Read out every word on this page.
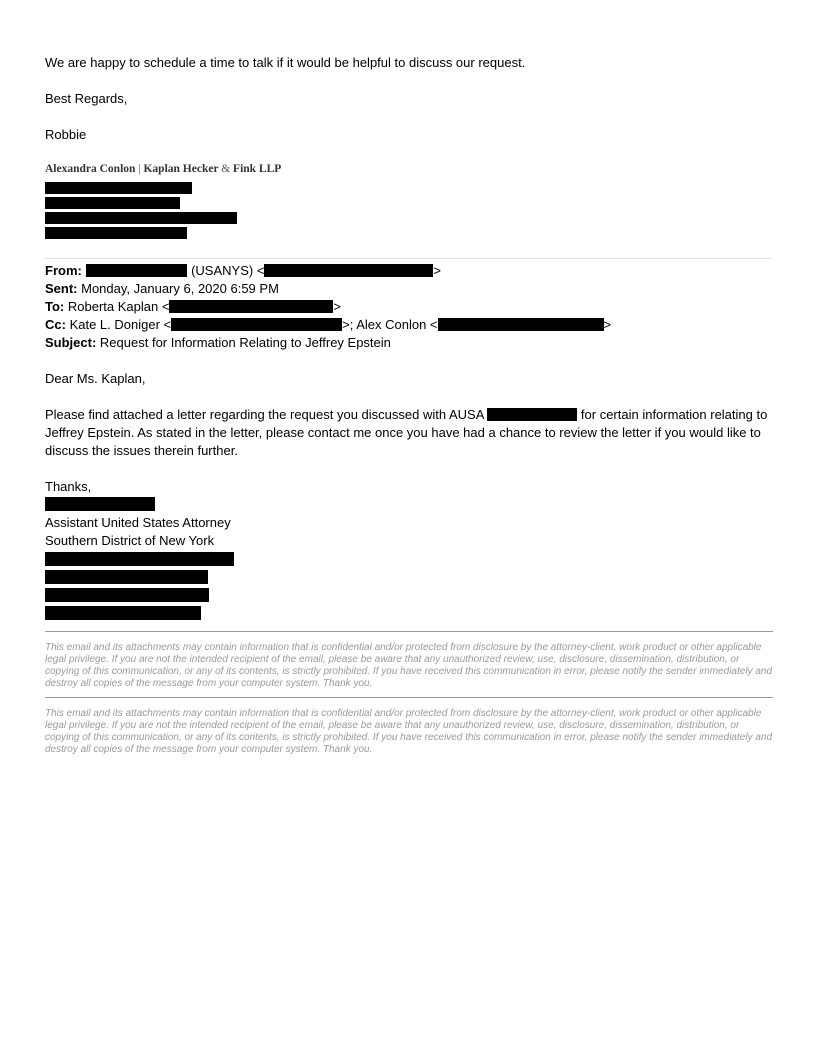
We are happy to schedule a time to talk if it would be helpful to discuss our request.
Best Regards,
Robbie
Alexandra Conlon | Kaplan Hecker & Fink LLP
From:	(USANYS) <	>
Sent: Monday, January 6, 2020 6:59 PM
To: Roberta Kaplan <	>
Cc: Kate L. Doniger <	>; Alex Conlon <	>
Subject: Request for Information Relating to Jeffrey Epstein
Dear Ms. Kaplan,
Please find attached a letter regarding the request you discussed with AUSA	for certain information relating to Jeffrey Epstein. As stated in the letter, please contact me once you have had a chance to review the letter if you would like to discuss the issues therein further.
Thanks,
Assistant United States Attorney
Southern District of New York
This email and its attachments may contain information that is confidential and/or protected from disclosure by the attorney-client, work product or other applicable legal privilege. If you are not the intended recipient of the email, please be aware that any unauthorized review, use, disclosure, dissemination, distribution, or copying of this communication, or any of its contents, is strictly prohibited. If you have received this communication in error, please notify the sender immediately and destroy all copies of the message from your computer system. Thank you.
This email and its attachments may contain information that is confidential and/or protected from disclosure by the attorney-client, work product or other applicable legal privilege. If you are not the intended recipient of the email, please be aware that any unauthorized review, use, disclosure, dissemination, distribution, or copying of this communication, or any of its contents, is strictly prohibited. If you have received this communication in error, please notify the sender immediately and destroy all copies of the message from your computer system. Thank you.
